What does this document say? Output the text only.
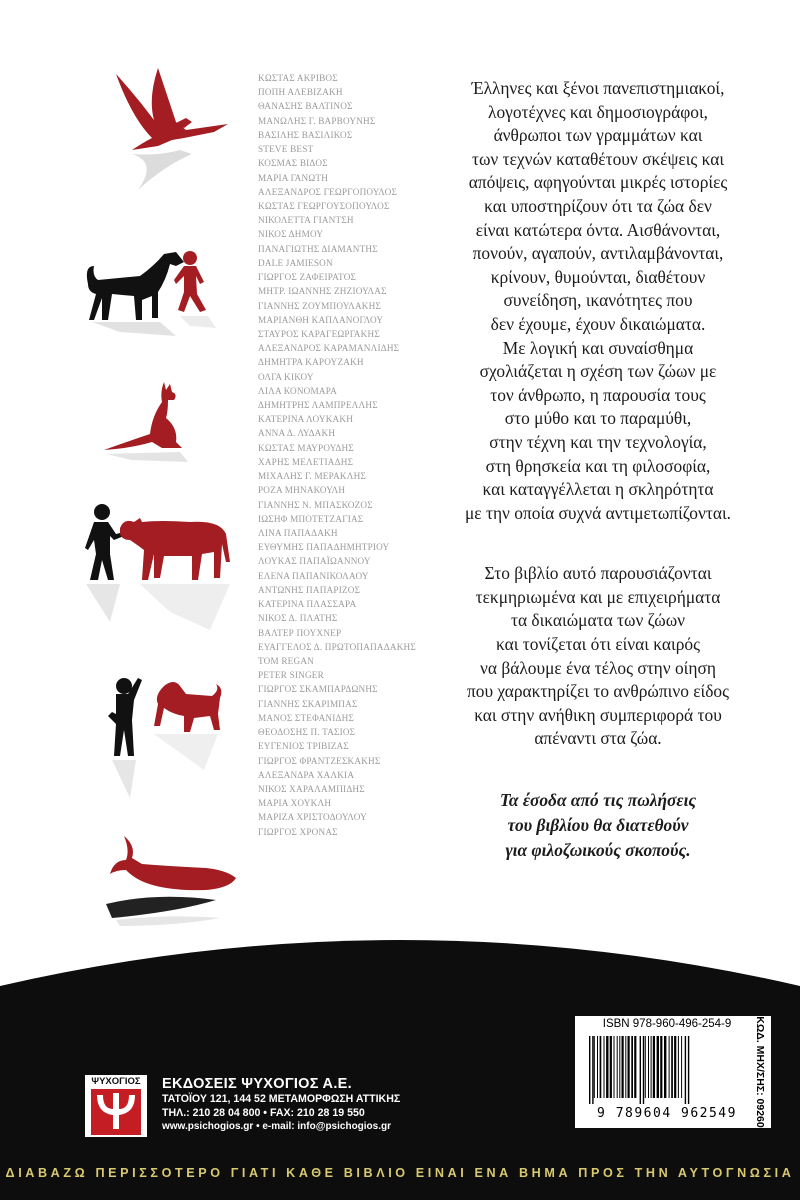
ΚΩΣΤΑΣ ΑΚΡΙΒΟΣ
ΠΟΠΗ ΑΛΕΒΙΖΑΚΗ
ΘΑΝΑΣΗΣ ΒΑΛΤΙΝΟΣ
ΜΑΝΩΛΗΣ Γ. ΒΑΡΒΟΥΝΗΣ
ΒΑΣΙΛΗΣ ΒΑΣΙΛΙΚΟΣ
STEVE BEST
ΚΟΣΜΑΣ ΒΙΔΟΣ
ΜΑΡΙΑ ΓΑΝΩΤΗ
ΑΛΕΞΑΝΔΡΟΣ ΓΕΩΡΓΟΠΟΥΛΟΣ
ΚΩΣΤΑΣ ΓΕΩΡΓΟΥΣΟΠΟΥΛΟΣ
ΝΙΚΟΛΕΤΤΑ ΓΙΑΝΤΣΗ
ΝΙΚΟΣ ΔΗΜΟΥ
ΠΑΝΑΓΙΩΤΗΣ ΔΙΑΜΑΝΤΗΣ
DALE JAMIESON
ΓΙΩΡΓΟΣ ΖΑΦΕΙΡΑΤΟΣ
ΜΗΤΡ. ΙΩΑΝΝΗΣ ΖΗΖΙΟΥΛΑΣ
ΓΙΑΝΝΗΣ ΖΟΥΜΠΟΥΛΑΚΗΣ
ΜΑΡΙΑΝΘΗ ΚΑΠΛΑΝΟΓΛΟΥ
ΣΤΑΥΡΟΣ ΚΑΡΑΓΕΩΡΓΑΚΗΣ
ΑΛΕΞΑΝΔΡΟΣ ΚΑΡΑΜΑΝΛΙΔΗΣ
ΔΗΜΗΤΡΑ ΚΑΡΟΥΖΑΚΗ
ΟΛΓΑ ΚΙΚΟΥ
ΛΙΛΑ ΚΟΝΟΜΑΡΑ
ΔΗΜΗΤΡΗΣ ΛΑΜΠΡΕΛΛΗΣ
ΚΑΤΕΡΙΝΑ ΛΟΥΚΑΚΗ
ΑΝΝΑ Δ. ΛΥΔΑΚΗ
ΚΩΣΤΑΣ ΜΑΥΡΟΥΔΗΣ
ΧΑΡΗΣ ΜΕΛΕΤΙΑΔΗΣ
ΜΙΧΑΛΗΣ Γ. ΜΕΡΑΚΛΗΣ
ΡΟΖΑ ΜΗΝΑΚΟΥΛΗ
ΓΙΑΝΝΗΣ Ν. ΜΠΑΣΚΟΖΟΣ
ΙΩΣΗΦ ΜΠΟΤΕΤΖΑΓΙΑΣ
ΛΙΝΑ ΠΑΠΑΔΑΚΗ
ΕΥΘΥΜΗΣ ΠΑΠΑΔΗΜΗΤΡΙΟΥ
ΛΟΥΚΑΣ ΠΑΠΑΪΩΑΝΝΟΥ
ΕΛΕΝΑ ΠΑΠΑΝΙΚΟΛΑΟΥ
ΑΝΤΩΝΗΣ ΠΑΠΑΡΙΖΟΣ
ΚΑΤΕΡΙΝΑ ΠΛΑΣΣΑΡΑ
ΝΙΚΟΣ Δ. ΠΛΑΤΗΣ
ΒΑΛΤΕΡ ΠΟΥΧΝΕΡ
ΕΥΑΓΓΕΛΟΣ Δ. ΠΡΩΤΟΠΑΠΑΔΑΚΗΣ
TOM REGAN
PETER SINGER
ΓΙΩΡΓΟΣ ΣΚΑΜΠΑΡΔΩΝΗΣ
ΓΙΑΝΝΗΣ ΣΚΑΡΙΜΠΑΣ
ΜΑΝΟΣ ΣΤΕΦΑΝΙΔΗΣ
ΘΕΟΔΟΣΗΣ Π. ΤΑΣΙΟΣ
ΕΥΓΕΝΙΟΣ ΤΡΙΒΙΖΑΣ
ΓΙΩΡΓΟΣ ΦΡΑΝΤΖΕΣΚΑΚΗΣ
ΑΛΕΞΑΝΔΡΑ ΧΑΛΚΙΑ
ΝΙΚΟΣ ΧΑΡΑΛΑΜΠΙΔΗΣ
ΜΑΡΙΑ ΧΟΥΚΛΗ
ΜΑΡΙΖΑ ΧΡΙΣΤΟΔΟΥΛΟΥ
ΓΙΩΡΓΟΣ ΧΡΟΝΑΣ

Έλληνες και ξένοι πανεπιστημιακοί,
λογοτέχνες και δημοσιογράφοι,
άνθρωποι των γραμμάτων και
των τεχνών καταθέτουν σκέψεις και
απόψεις, αφηγούνται μικρές ιστορίες
και υποστηρίζουν ότι τα ζώα δεν
είναι κατώτερα όντα. Αισθάνονται,
πονούν, αγαπούν, αντιλαμβάνονται,
κρίνουν, θυμούνται, διαθέτουν
συνείδηση, ικανότητες που
δεν έχουμε, έχουν δικαιώματα.
Με λογική και συναίσθημα
σχολιάζεται η σχέση των ζώων με
τον άνθρωπο, η παρουσία τους
στο μύθο και το παραμύθι,
στην τέχνη και την τεχνολογία,
στη θρησκεία και τη φιλοσοφία,
και καταγγέλλεται η σκληρότητα
με την οποία συχνά αντιμετωπίζονται.

Στο βιβλίο αυτό παρουσιάζονται
τεκμηριωμένα και με επιχειρήματα
τα δικαιώματα των ζώων
και τονίζεται ότι είναι καιρός
να βάλουμε ένα τέλος στην οίηση
που χαρακτηρίζει το ανθρώπινο είδος
και στην ανήθικη συμπεριφορά του
απέναντι στα ζώα.

Τα έσοδα από τις πωλήσεις
του βιβλίου θα διατεθούν
για φιλοζωικούς σκοπούς.

ISBN 978-960-496-254-9
9 789604 962549	ΚΩΔ. ΜΗΧ/ΣΗΣ: 09260
ΨΥΧΟΓΙΟΣ	ΕΚΔΟΣΕΙΣ ΨΥΧΟΓΙΟΣ Α.Ε.
ΤΑΤΟΪΟΥ 121, 144 52 ΜΕΤΑΜΟΡΦΩΣΗ ΑΤΤΙΚΗΣ
ΤΗΛ.: 210 28 04 800 • FAX: 210 28 19 550
www.psichogios.gr • e-mail: info@psichogios.gr
ΔΙΑΒΑΖΩ ΠΕΡΙΣΣΟΤΕΡΟ ΓΙΑΤΙ ΚΑΘΕ ΒΙΒΛΙΟ ΕΙΝΑΙ ΕΝΑ ΒΗΜΑ ΠΡΟΣ ΤΗΝ ΑΥΤΟΓΝΩΣΙΑ
